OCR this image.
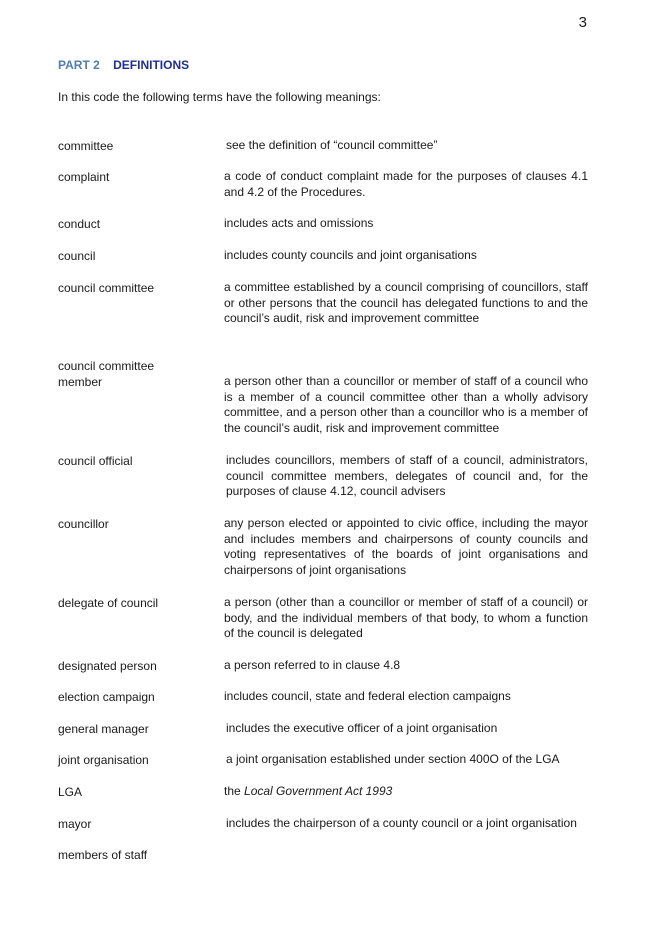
3
PART 2 DEFINITIONS
In this code the following terms have the following meanings:
committee	see the definition of “council committee”
complaint	a code of conduct complaint made for the purposes of clauses 4.1 and 4.2 of the Procedures.
conduct	includes acts and omissions
council	includes county councils and joint organisations
council committee	a committee established by a council comprising of councillors, staff or other persons that the council has delegated functions to and the council’s audit, risk and improvement committee
council committee member	a person other than a councillor or member of staff of a council who is a member of a council committee other than a wholly advisory committee, and a person other than a councillor who is a member of the council’s audit, risk and improvement committee
council official	includes councillors, members of staff of a council, administrators, council committee members, delegates of council and, for the purposes of clause 4.12, council advisers
councillor	any person elected or appointed to civic office, including the mayor and includes members and chairpersons of county councils and voting representatives of the boards of joint organisations and chairpersons of joint organisations
delegate of council	a person (other than a councillor or member of staff of a council) or body, and the individual members of that body, to whom a function of the council is delegated
designated person	a person referred to in clause 4.8
election campaign	includes council, state and federal election campaigns
general manager	includes the executive officer of a joint organisation
joint organisation	a joint organisation established under section 400O of the LGA
LGA	the Local Government Act 1993
mayor	includes the chairperson of a county council or a joint organisation
members of staff
